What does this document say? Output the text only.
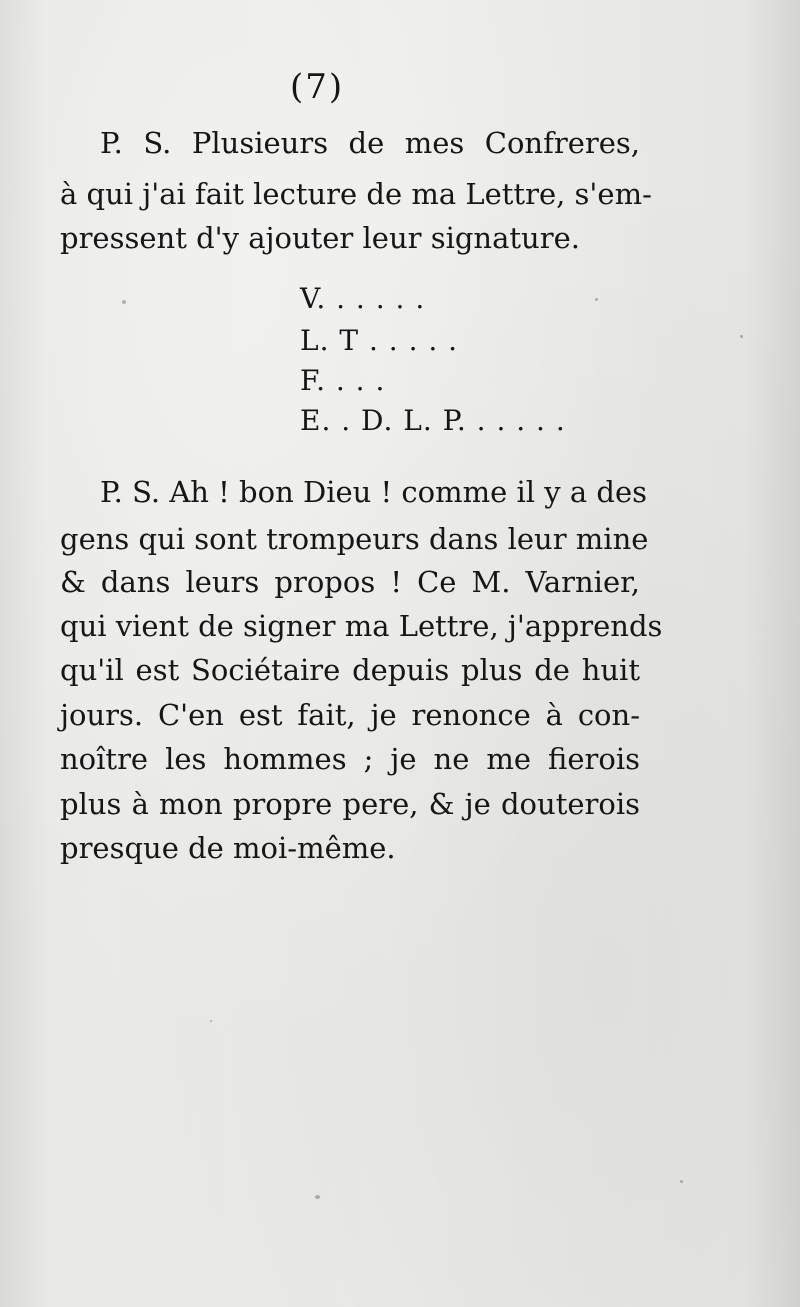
(7)
P. S. Plusieurs de mes Confreres,
à qui j'ai fait lecture de ma Lettre, s'em-
pressent d'y ajouter leur signature.
V. . . . . .
L. T . . . . .
F. . . .
E. . D. L. P. . . . . .
P. S. Ah ! bon Dieu ! comme il y a des
gens qui sont trompeurs dans leur mine
& dans leurs propos ! Ce M. Varnier,
qui vient de signer ma Lettre, j'apprends
qu'il est Sociétaire depuis plus de huit
jours. C'en est fait, je renonce à con-
noître les hommes ; je ne me fierois
plus à mon propre pere, & je douterois
presque de moi-même.
